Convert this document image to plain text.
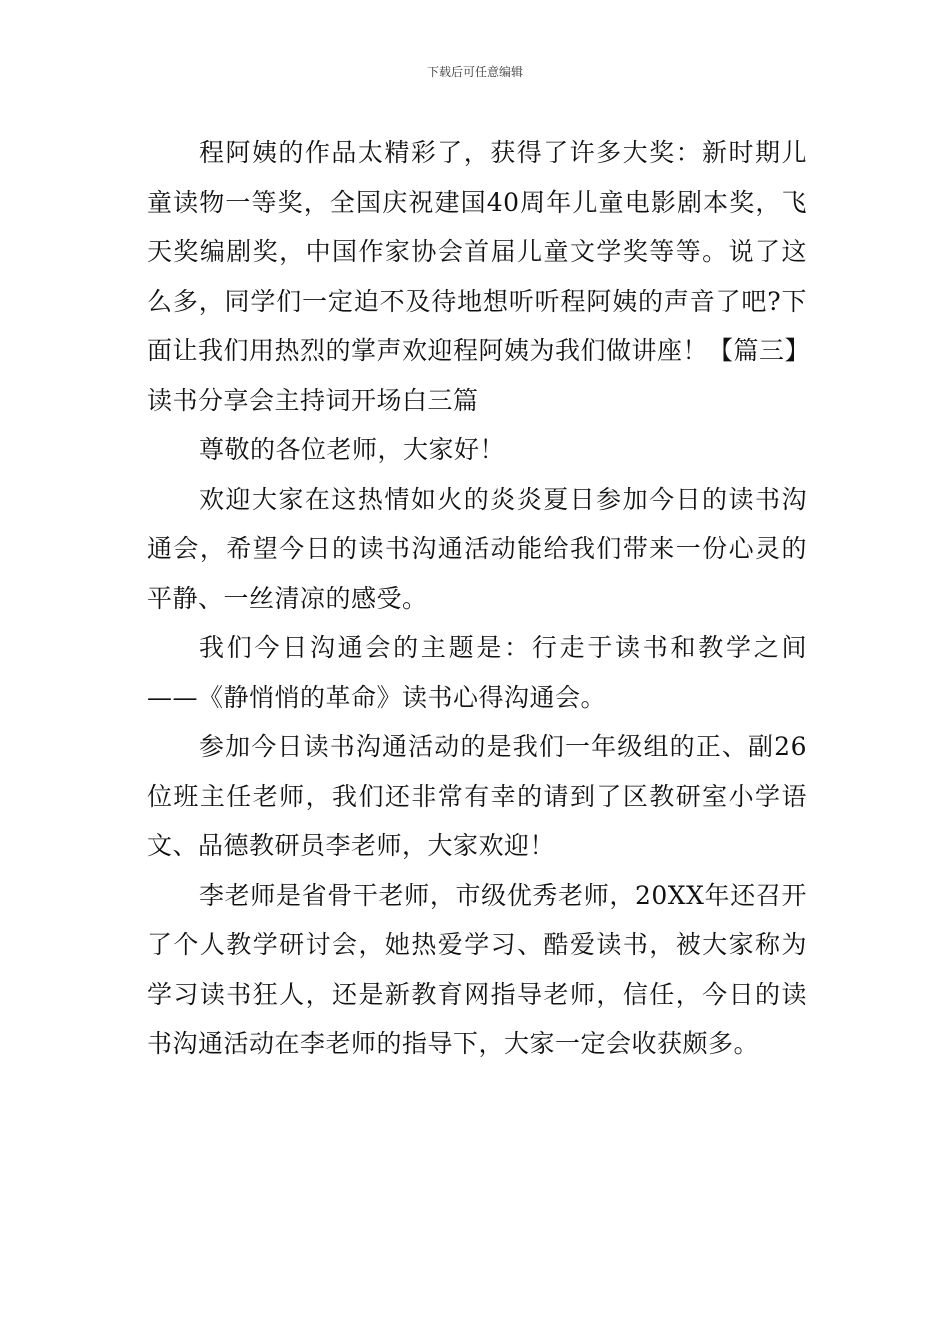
下载后可任意编辑

程阿姨的作品太精彩了，获得了许多大奖：新时期儿童读物一等奖，全国庆祝建国40周年儿童电影剧本奖，飞天奖编剧奖，中国作家协会首届儿童文学奖等等。说了这么多，同学们一定迫不及待地想听听程阿姨的声音了吧?下面让我们用热烈的掌声欢迎程阿姨为我们做讲座！【篇三】

读书分享会主持词开场白三篇

尊敬的各位老师，大家好！

欢迎大家在这热情如火的炎炎夏日参加今日的读书沟通会，希望今日的读书沟通活动能给我们带来一份心灵的平静、一丝清凉的感受。

我们今日沟通会的主题是：行走于读书和教学之间——《静悄悄的革命》读书心得沟通会。

参加今日读书沟通活动的是我们一年级组的正、副26位班主任老师，我们还非常有幸的请到了区教研室小学语文、品德教研员李老师，大家欢迎！

李老师是省骨干老师，市级优秀老师，20XX年还召开了个人教学研讨会，她热爱学习、酷爱读书，被大家称为学习读书狂人，还是新教育网指导老师，信任，今日的读书沟通活动在李老师的指导下，大家一定会收获颇多。
